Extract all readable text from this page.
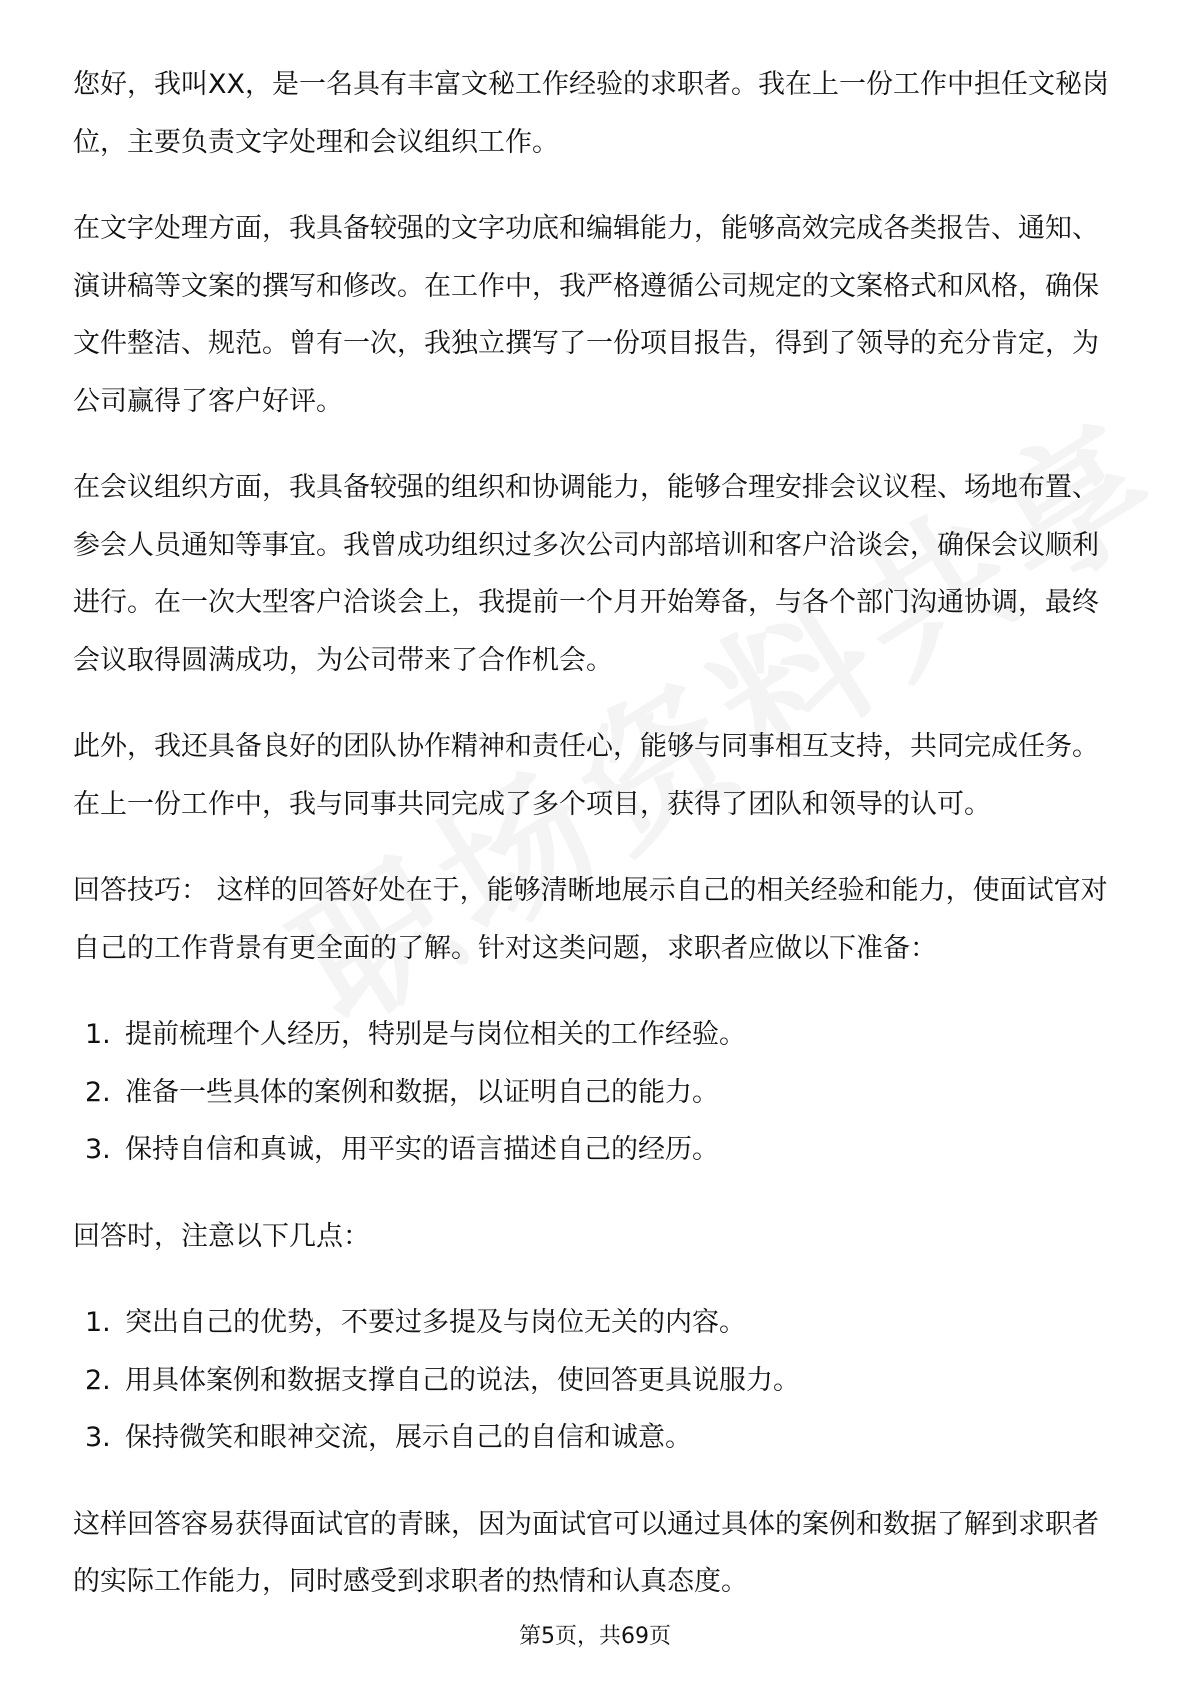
您好，我叫XX，是一名具有丰富文秘工作经验的求职者。我在上一份工作中担任文秘岗位，主要负责文字处理和会议组织工作。

在文字处理方面，我具备较强的文字功底和编辑能力，能够高效完成各类报告、通知、演讲稿等文案的撰写和修改。在工作中，我严格遵循公司规定的文案格式和风格，确保文件整洁、规范。曾有一次，我独立撰写了一份项目报告，得到了领导的充分肯定，为公司赢得了客户好评。

在会议组织方面，我具备较强的组织和协调能力，能够合理安排会议议程、场地布置、参会人员通知等事宜。我曾成功组织过多次公司内部培训和客户洽谈会，确保会议顺利进行。在一次大型客户洽谈会上，我提前一个月开始筹备，与各个部门沟通协调，最终会议取得圆满成功，为公司带来了合作机会。

此外，我还具备良好的团队协作精神和责任心，能够与同事相互支持，共同完成任务。在上一份工作中，我与同事共同完成了多个项目，获得了团队和领导的认可。

回答技巧： 这样的回答好处在于，能够清晰地展示自己的相关经验和能力，使面试官对自己的工作背景有更全面的了解。针对这类问题，求职者应做以下准备：

1. 提前梳理个人经历，特别是与岗位相关的工作经验。
2. 准备一些具体的案例和数据，以证明自己的能力。
3. 保持自信和真诚，用平实的语言描述自己的经历。

回答时，注意以下几点：

1. 突出自己的优势，不要过多提及与岗位无关的内容。
2. 用具体案例和数据支撑自己的说法，使回答更具说服力。
3. 保持微笑和眼神交流，展示自己的自信和诚意。

这样回答容易获得面试官的青睐，因为面试官可以通过具体的案例和数据了解到求职者的实际工作能力，同时感受到求职者的热情和认真态度。

第5页，共69页
